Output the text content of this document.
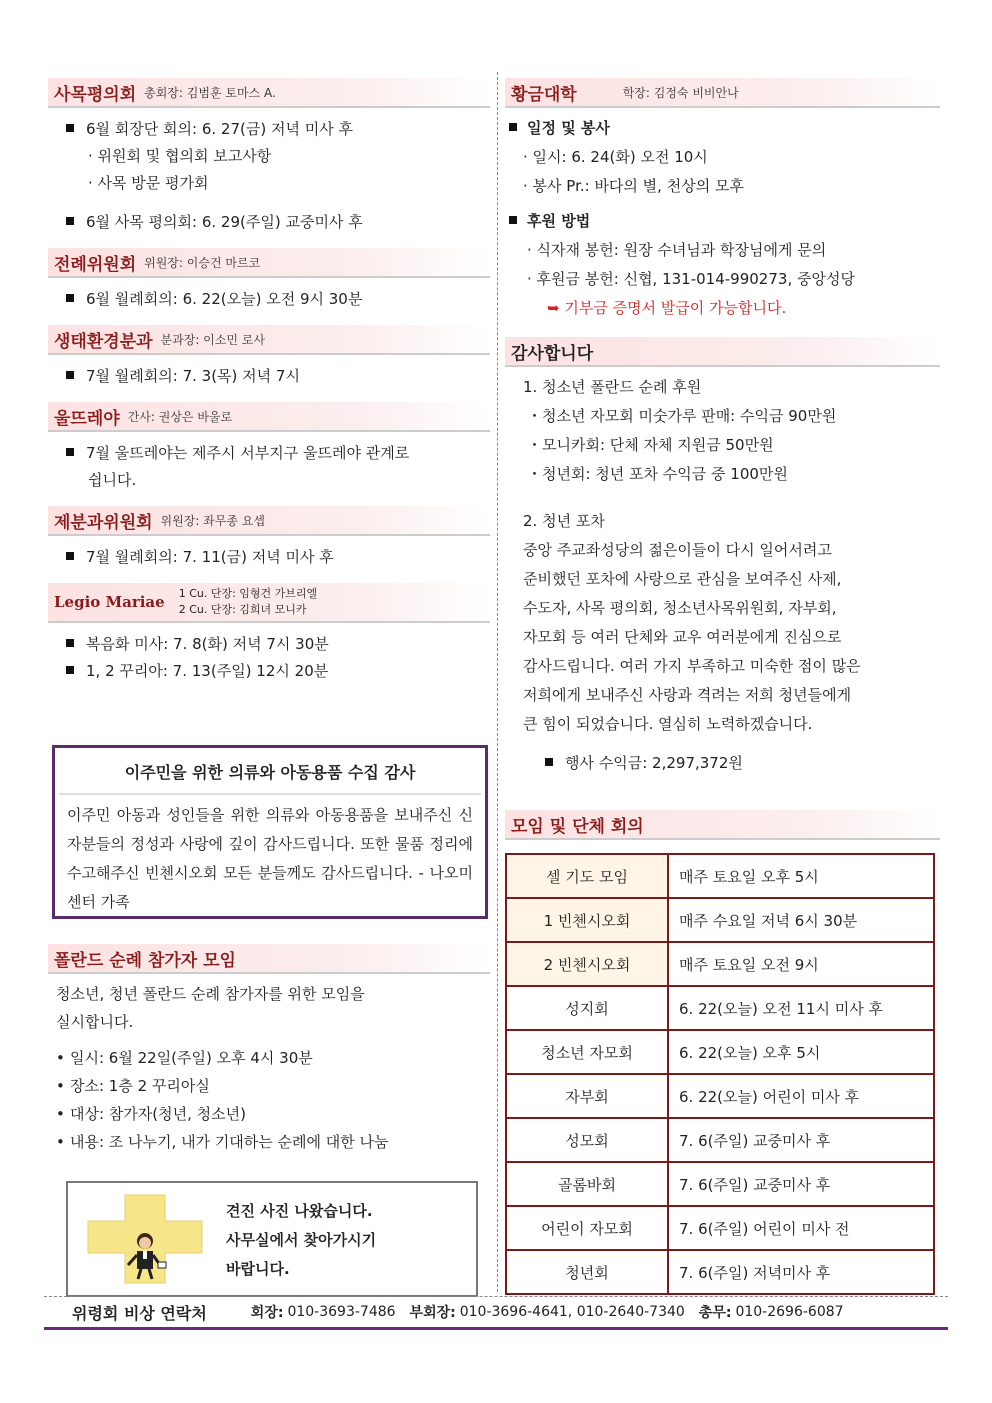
사목평의회 총회장: 김범훈 토마스 A.
6월 회장단 회의: 6. 27(금) 저녁 미사 후
· 위원회 및 협의회 보고사항
· 사목 방문 평가회
6월 사목 평의회: 6. 29(주일) 교중미사 후
전례위원회 위원장: 이승건 마르코
6월 월례회의: 6. 22(오늘) 오전 9시 30분
생태환경분과 분과장: 이소민 로사
7월 월례회의: 7. 3(목) 저녁 7시
울뜨레야 간사: 권상은 바울로
7월 울뜨레야는 제주시 서부지구 울뜨레야 관계로
쉽니다.
제분과위원회 위원장: 좌무종 요셉
7월 월례회의: 7. 11(금) 저녁 미사 후
Legio Mariae 1 Cu. 단장: 임형건 가브리엘
2 Cu. 단장: 김희녀 모니카
복음화 미사: 7. 8(화) 저녁 7시 30분
1, 2 꾸리아: 7. 13(주일) 12시 20분
이주민을 위한 의류와 아동용품 수집 감사
이주민 아동과 성인들을 위한 의류와 아동용품을 보내주신 신자분들의 정성과 사랑에 깊이 감사드립니다. 또한 물품 정리에 수고해주신 빈첸시오회 모든 분들께도 감사드립니다. - 나오미 센터 가족
폴란드 순례 참가자 모임
청소년, 청년 폴란드 순례 참가자를 위한 모임을
실시합니다.
• 일시: 6월 22일(주일) 오후 4시 30분
• 장소: 1층 2 꾸리아실
• 대상: 참가자(청년, 청소년)
• 내용: 조 나누기, 내가 기대하는 순례에 대한 나눔
견진 사진 나왔습니다.
사무실에서 찾아가시기
바랍니다.
황금대학	학장: 김정숙 비비안나
일정 및 봉사
· 일시: 6. 24(화) 오전 10시
· 봉사 Pr.: 바다의 별, 천상의 모후
후원 방법
· 식자재 봉헌: 원장 수녀님과 학장님에게 문의
· 후원금 봉헌: 신협, 131-014-990273, 중앙성당
➥ 기부금 증명서 발급이 가능합니다.
감사합니다
1. 청소년 폴란드 순례 후원
・청소년 자모회 미숫가루 판매: 수익금 90만원
・모니카회: 단체 자체 지원금 50만원
・청년회: 청년 포차 수익금 중 100만원
2. 청년 포차
중앙 주교좌성당의 젊은이들이 다시 일어서려고
준비했던 포차에 사랑으로 관심을 보여주신 사제,
수도자, 사목 평의회, 청소년사목위원회, 자부회,
자모회 등 여러 단체와 교우 여러분에게 진심으로
감사드립니다. 여러 가지 부족하고 미숙한 점이 많은
저희에게 보내주신 사랑과 격려는 저희 청년들에게
큰 힘이 되었습니다. 열심히 노력하겠습니다.
행사 수익금: 2,297,372원
모임 및 단체 회의
셀 기도 모임	매주 토요일 오후 5시
1 빈첸시오회	매주 수요일 저녁 6시 30분
2 빈첸시오회	매주 토요일 오전 9시
성지회	6. 22(오늘) 오전 11시 미사 후
청소년 자모회	6. 22(오늘) 오후 5시
자부회	6. 22(오늘) 어린이 미사 후
성모회	7. 6(주일) 교중미사 후
골롬바회	7. 6(주일) 교중미사 후
어린이 자모회	7. 6(주일) 어린이 미사 전
청년회	7. 6(주일) 저녁미사 후
위령회 비상 연락처	회장: 010-3693-7486 부회장: 010-3696-4641, 010-2640-7340 총무: 010-2696-6087
